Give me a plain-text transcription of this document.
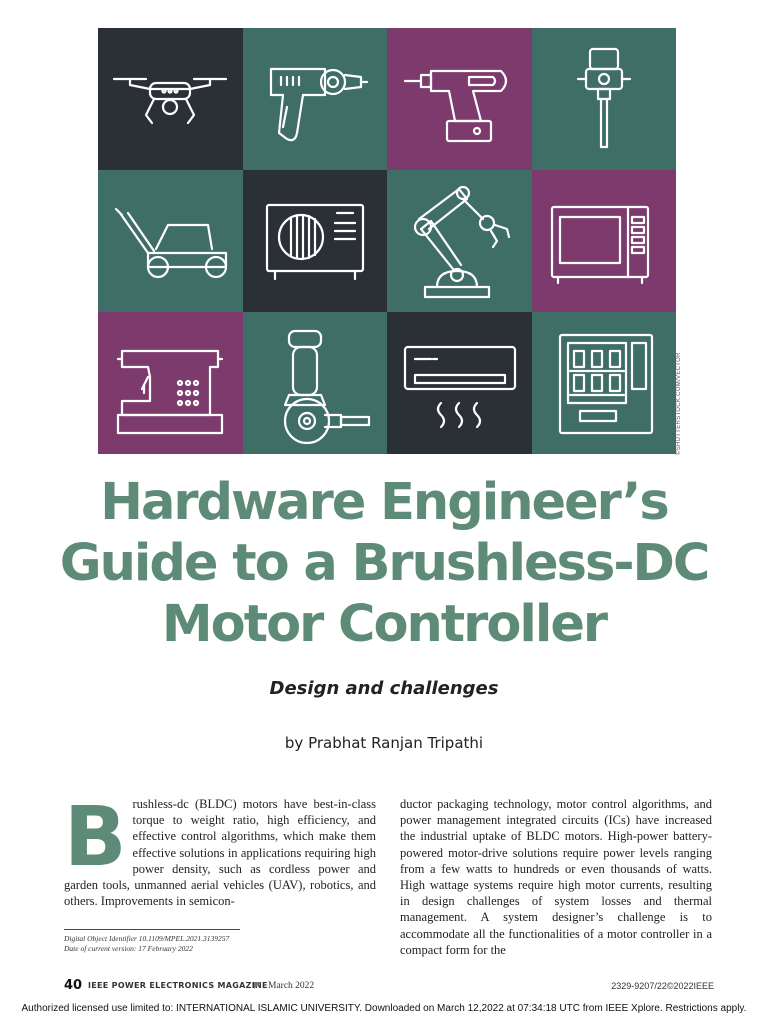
©SHUTTERSTOCK.COM/VECTOR
Hardware Engineer’s
Guide to a Brushless-DC
Motor Controller
Design and challenges
by Prabhat Ranjan Tripathi

Brushless-dc (BLDC) motors have best-in-class torque to weight ratio, high efficiency, and effective control algorithms, which make them effective solutions in applications requiring high power density, such as cordless power and garden tools, unmanned aerial vehicles (UAV), robotics, and others. Improvements in semicon-

ductor packaging technology, motor control algorithms, and power management integrated circuits (ICs) have increased the industrial uptake of BLDC motors. High-power battery-powered motor-drive solutions require power levels ranging from a few watts to hundreds or even thousands of watts. High wattage systems require high motor currents, resulting in design challenges of system losses and thermal management. A system designer’s challenge is to accommodate all the functionalities of a motor controller in a compact form for the

Digital Object Identifier 10.1109/MPEL.2021.3139257
Date of current version: 17 February 2022
40 IEEE POWER ELECTRONICS MAGAZINE March 2022	2329-9207/22©2022IEEE
Authorized licensed use limited to: INTERNATIONAL ISLAMIC UNIVERSITY. Downloaded on March 12,2022 at 07:34:18 UTC from IEEE Xplore. Restrictions apply.
